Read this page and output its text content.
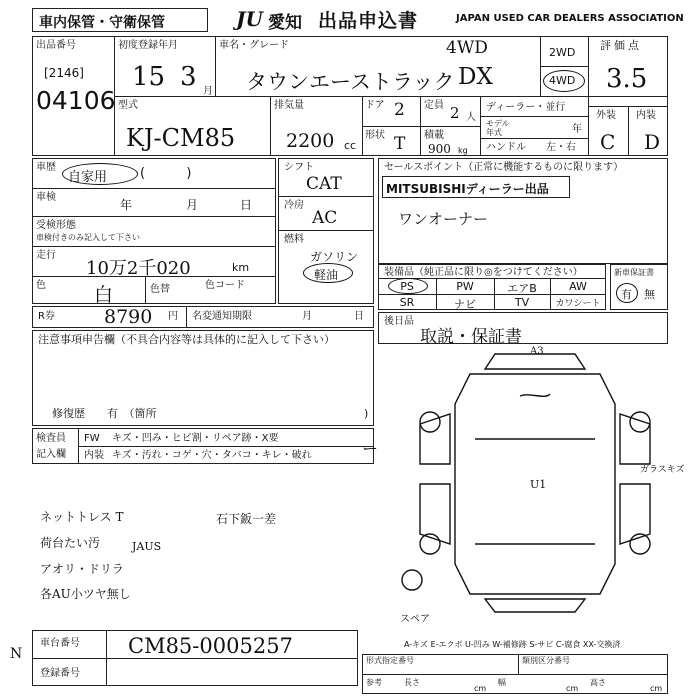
車内保管・守衛保管	JU 愛知 出品申込書	JAPAN USED CAR DEALERS ASSOCIATION
出品番号
[2146]
04106
初度登録年月
15 3 月
車名・グレード	4WD
タウンエーストラック DX
2WD
4WD
評価点
3.5
外装 内装
C D
型式
KJ-CM85
排気量
2200 cc
ドア 2 定員 2 人
形状 T 積載
900 kg
ディーラー・並行
モデル
年式	年
ハンドル 左・右
車歴
自家用	(          )
車検
年	月	日
受検形態
車検付きのみ記入して下さい
走行
10万2千020	km
色	白	色替	色コード
シフト
CAT
冷房
AC
燃料
ガソリン
軽油
R券	8790 円 名変通知期限	月	日
注意事項申告欄（不具合内容等は具体的に記入して下さい）
修復歴　　有　（箇所	)
検査員
記入欄
FW キズ・凹み・ヒビ割・リペア跡・X要
内装 キズ・汚れ・コゲ・穴・タバコ・キレ・破れ	ー
ネットトレス T
荷台たい汚
アオリ・ドリラ
各AU小ツヤ無し
石下鈑一差
JAUS
セールスポイント（正常に機能するものに限ります）
MITSUBISHIディーラー出品
ワンオーナー
装備品（純正品に限り◎をつけてください）
PS	PW	エアB	AW
SR	ナビ	TV	カワシート
新車保証書
有 無
後日品
取説・保証書
A3
U1
ガラスキズ
スペア
A-キズ E-エクボ U-凹み W-補修跡 S-サビ C-腐食 XX-交換済
車台番号 CM85-0005257
登録番号
N	形式指定番号	類別区分番号
参考	長さ
cm
幅
cm
高さ
cm
